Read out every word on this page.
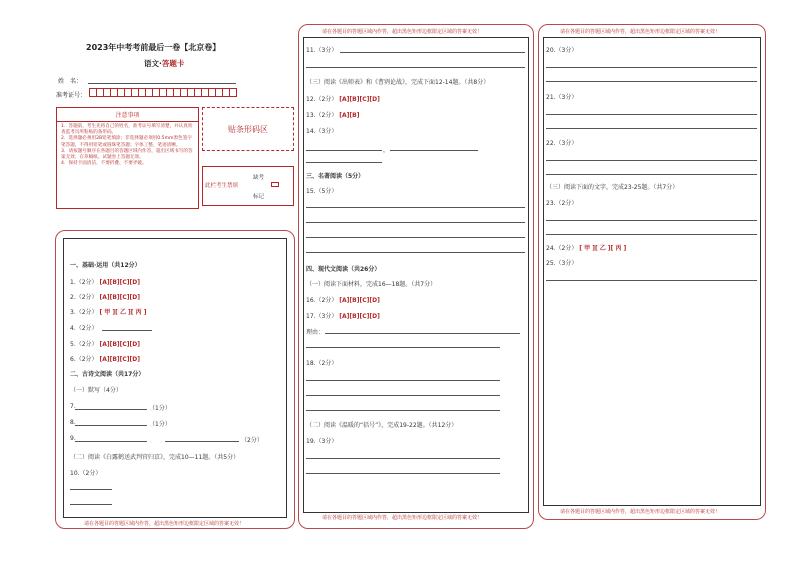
2023年中考考前最后一卷【北京卷】
语文·答题卡
姓　名：
准考证号：
注意事项
1．答题前，考生先将自己的姓名，准考证号填写清楚，并认真检查监考员所粘贴的条形码。
2．选择题必须用2B铅笔填涂；非选择题必须用0.5mm黑色签字笔答题，不得用铅笔或圆珠笔答题；字体工整、笔迹清晰。
3．请按题号顺序在各题目的答题区域内作答，超出区域书写的答案无效；在草稿纸、试题卷上答题无效。
4．保持卡面清洁，不要折叠、不要弄破。
贴条形码区
此栏考生禁填
缺考
标记
一、基础·运用（共12分）
1.（2分） [A][B][C][D]
2.（2分） [A][B][C][D]
3.（2分） [ 甲 ][ 乙 ][ 丙 ]
4.（2分）
5.（2分） [A][B][C][D]
6.（2分） [A][B][C][D]
二、古诗文阅读（共17分）
（一）默写（4分）
7.	（1分）
8.	（1分）
9.	（2分）
（二）阅读《白露鹤送武判官归京》，完成10—11题。（共5分）
10.（2分）
请在各题目的答题区域内作答，超出黑色矩形边框限定区域的答案无效！
请在各题目的答题区域内作答，超出黑色矩形边框限定区域的答案无效！
11.（3分）
（三）阅读《出师表》和《曹刿论战》，完成下面12-14题。（共8分）
12.（2分） [A][B][C][D]
13.（2分） [A][B]
14.（3分）
，
三、名著阅读（5分）
15.（5分）
四、现代文阅读（共26分）
（一）阅读下面材料，完成16—18题。（共7分）
16.（2分） [A][B][C][D]
17.（3分） [A][B][C][D]
理由：
18.（2分）
（二）阅读《温暖的“括号”》，完成19-22题。（共12分）
19.（3分）
请在各题目的答题区域内作答，超出黑色矩形边框限定区域的答案无效！
请在各题目的答题区域内作答，超出黑色矩形边框限定区域的答案无效！
20.（3分）
21.（3分）
22.（3分）
（三）阅读下面的文字，完成23-25题。（共7分）
23.（2分）
24.（2分） [ 甲 ][ 乙 ][ 丙 ]
25.（3分）
请在各题目的答题区域内作答，超出黑色矩形边框限定区域的答案无效！
